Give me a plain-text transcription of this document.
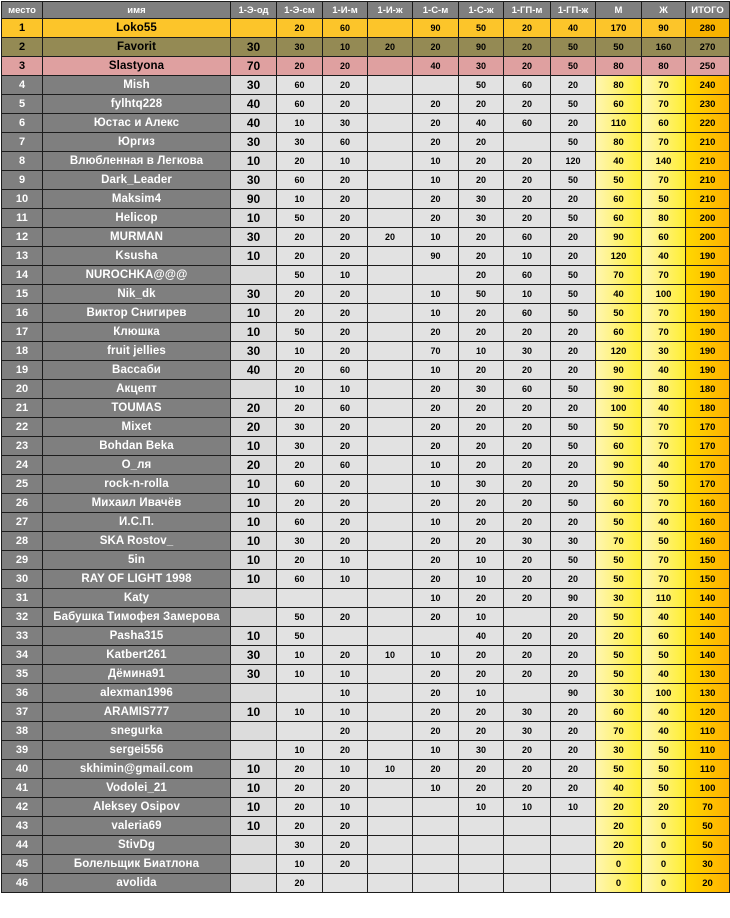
место	имя	1-Э-од	1-Э-см	1-И-м	1-И-ж	1-С-м	1-С-ж	1-ГП-м	1-ГП-ж	М	Ж	ИТОГО
1	Loko55		20	60		90	50	20	40	170	90	280
2	Favorit	30	30	10	20	20	90	20	50	50	160	270
3	Slastyona	70	20	20		40	30	20	50	80	80	250
4	Mish	30	60	20			50	60	20	80	70	240
5	fylhtq228	40	60	20		20	20	20	50	60	70	230
6	Юстас и Алекс	40	10	30		20	40	60	20	110	60	220
7	Юргиз	30	30	60		20	20		50	80	70	210
8	Влюбленная в Легкова	10	20	10		10	20	20	120	40	140	210
9	Dark_Leader	30	60	20		10	20	20	50	50	70	210
10	Maksim4	90	10	20		20	30	20	20	60	50	210
11	Helicop	10	50	20		20	30	20	50	60	80	200
12	MURMAN	30	20	20	20	10	20	60	20	90	60	200
13	Ksusha	10	20	20		90	20	10	20	120	40	190
14	NUROCHKA@@@		50	10			20	60	50	70	70	190
15	Nik_dk	30	20	20		10	50	10	50	40	100	190
16	Виктор Снигирев	10	20	20		10	20	60	50	50	70	190
17	Клюшка	10	50	20		20	20	20	20	60	70	190
18	fruit jellies	30	10	20		70	10	30	20	120	30	190
19	Вассаби	40	20	60		10	20	20	20	90	40	190
20	Акцепт		10	10		20	30	60	50	90	80	180
21	TOUMAS	20	20	60		20	20	20	20	100	40	180
22	Mixet	20	30	20		20	20	20	50	50	70	170
23	Bohdan Beka	10	30	20		20	20	20	50	60	70	170
24	О_ля	20	20	60		10	20	20	20	90	40	170
25	rock-n-rolla	10	60	20		10	30	20	20	50	50	170
26	Михаил Ивачёв	10	20	20		20	20	20	50	60	70	160
27	И.С.П.	10	60	20		10	20	20	20	50	40	160
28	SKA Rostov_	10	30	20		20	20	30	30	70	50	160
29	5in	10	20	10		20	10	20	50	50	70	150
30	RAY OF LIGHT 1998	10	60	10		20	10	20	20	50	70	150
31	Katy					10	20	20	90	30	110	140
32	Бабушка Тимофея Замерова		50	20		20	10		20	50	40	140
33	Pasha315	10	50				40	20	20	20	60	140
34	Katbert261	30	10	20	10	10	20	20	20	50	50	140
35	Дёмина91	30	10	10		20	20	20	20	50	40	130
36	alexman1996			10		20	10		90	30	100	130
37	ARAMIS777	10	10	10		20	20	30	20	60	40	120
38	snegurka			20		20	20	30	20	70	40	110
39	sergei556		10	20		10	30	20	20	30	50	110
40	skhimin@gmail.com	10	20	10	10	20	20	20	20	50	50	110
41	Vodolei_21	10	20	20		10	20	20	20	40	50	100
42	Aleksey Osipov	10	20	10			10	10	10	20	20	70
43	valeria69	10	20	20						20	0	50
44	StivDg		30	20						20	0	50
45	Болельщик Биатлона		10	20						0	0	30
46	avolida		20							0	0	20
